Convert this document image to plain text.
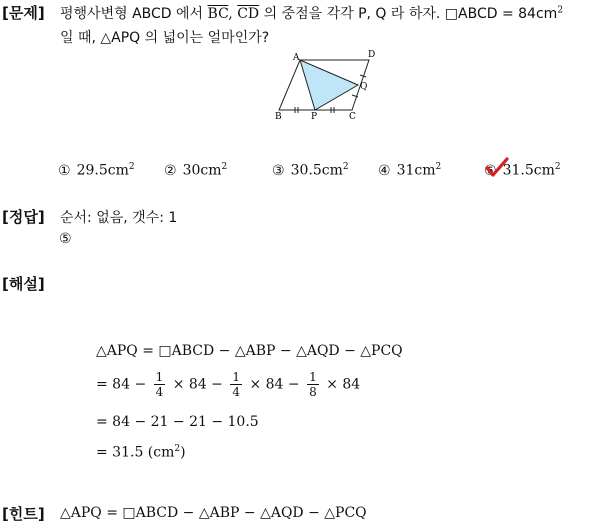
[문제] 평행사변형 ABCD 에서 $\overline{BC}$, $\overline{CD}$ 의 중점을 각각 P, Q 라 하자. □ABCD = $84cm^2$
일 때, △APQ 의 넓이는 얼마인가?
A	D
Q
B	P	C
① $29.5cm^2$ ② $30cm^2$	③ $30.5cm^2$ ④ $31cm^2$	⑤ $31.5cm^2$
[정답] 순서: 없음, 갯수: 1
⑤
[해설]
△APQ = □ABCD − △ABP − △AQD − △PCQ
= $84 - \frac{1}{4} \times 84 - \frac{1}{4} \times 84 - \frac{1}{8} \times 84$
= 84 − 21 − 21 − 10.5
= 31.5 $(cm^2)$
[힌트] △APQ = □ABCD − △ABP − △AQD − △PCQ
